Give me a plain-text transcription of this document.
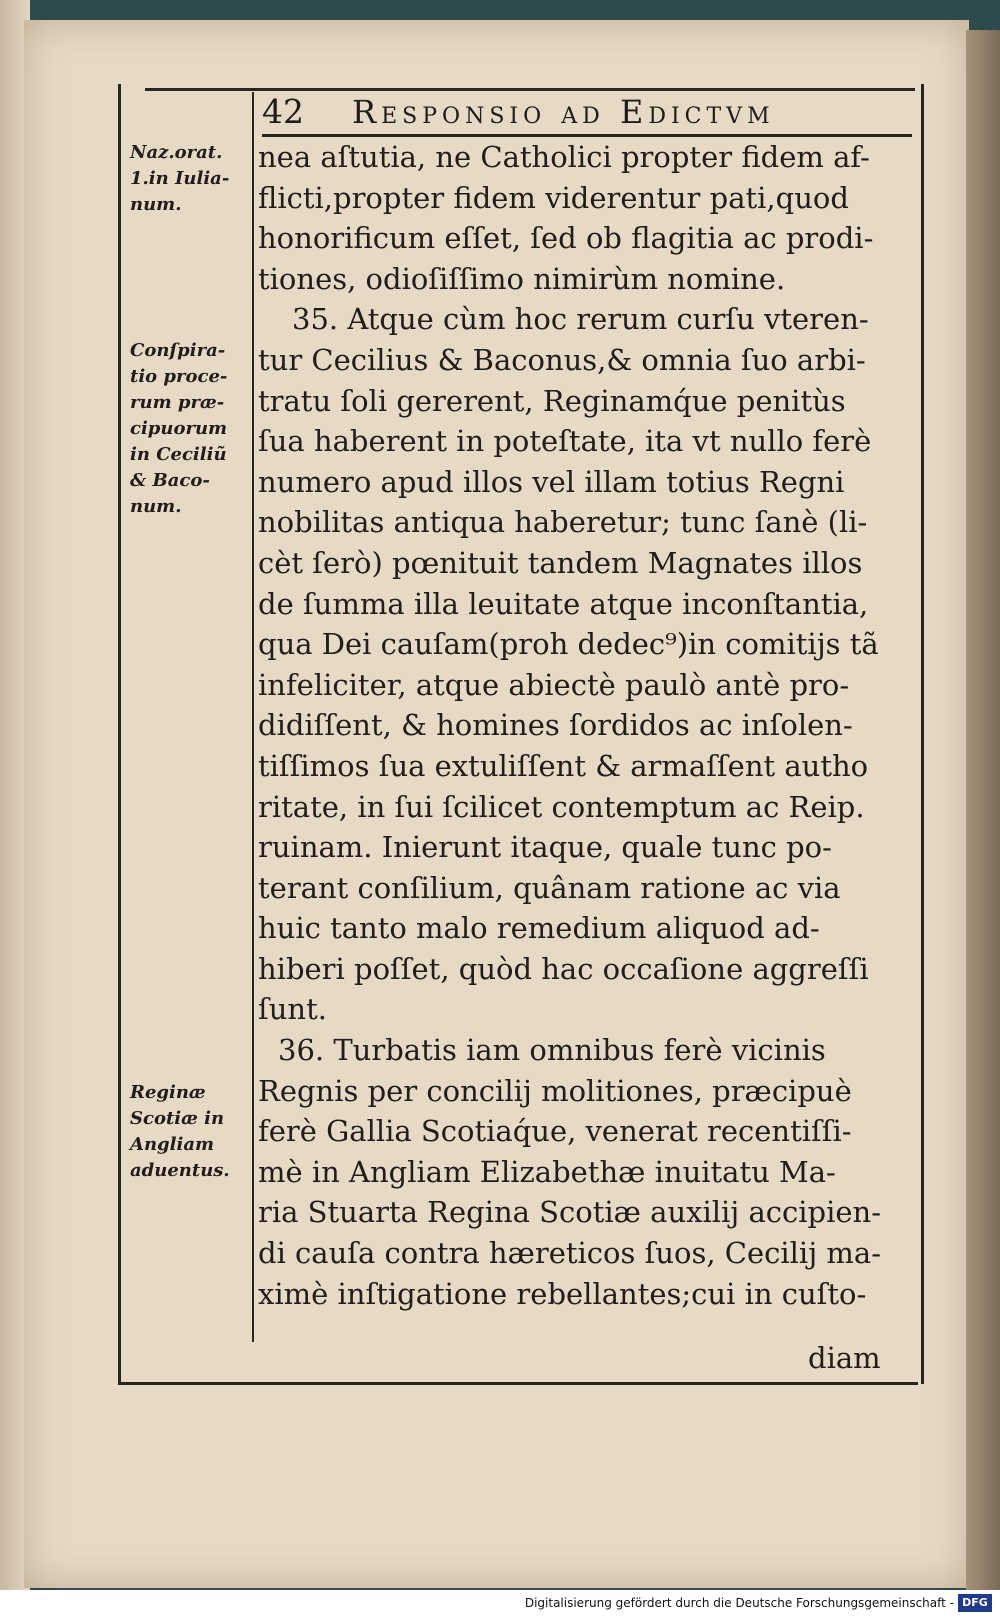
42 Responsio ad Edictvm
Naz.orat.
1.in Iulia-
num.
Conſpira-
tio proce-
rum præ-
cipuorum
in Ceciliũ
& Baco-
num.
Reginæ
Scotiæ in
Angliam
aduentus.
nea aſtutia, ne Catholici propter fidem af-
flicti,propter fidem viderentur pati,quod
honorificum eſſet, ſed ob flagitia ac prodi-
tiones, odioſiſſimo nimirùm nomine.
35. Atque cùm hoc rerum curſu vteren-
tur Cecilius & Baconus,& omnia ſuo arbi-
tratu ſoli gererent, Reginamq́ue penitùs
ſua haberent in poteſtate, ita vt nullo ferè
numero apud illos vel illam totius Regni
nobilitas antiqua haberetur; tunc ſanè (li-
cèt ſerò) pœnituit tandem Magnates illos
de ſumma illa leuitate atque inconſtantia,
qua Dei cauſam(proh dedec⁹)in comitijs tã
infeliciter, atque abiectè paulò antè pro-
didiſſent, & homines ſordidos ac inſolen-
tiſſimos ſua extuliſſent & armaſſent autho
ritate, in ſui ſcilicet contemptum ac Reip.
ruinam. Inierunt itaque, quale tunc po-
terant conſilium, quânam ratione ac via
huic tanto malo remedium aliquod ad-
hiberi poſſet, quòd hac occaſione aggreſſi
ſunt.
36. Turbatis iam omnibus ferè vicinis
Regnis per concilij molitiones, præcipuè
ferè Gallia Scotiaq́ue, venerat recentiſſi-
mè in Angliam Elizabethæ inuitatu Ma-
ria Stuarta Regina Scotiæ auxilij accipien-
di cauſa contra hæreticos ſuos, Cecilij ma-
ximè inſtigatione rebellantes;cui in cuſto-
diam
Digitalisierung gefördert durch die Deutsche Forschungsgemeinschaft - DFG
